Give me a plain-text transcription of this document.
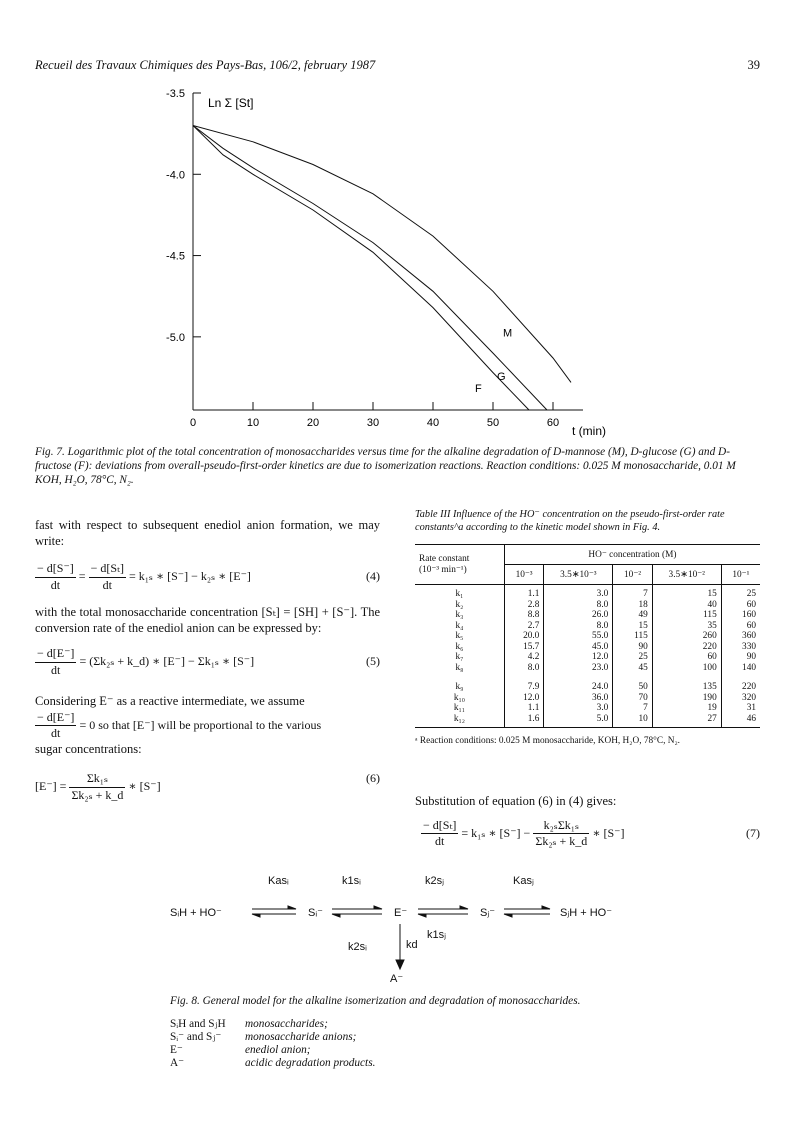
Recueil des Travaux Chimiques des Pays-Bas, 106/2, february 1987	39
-3.5
-4.0
-4.5
-5.0
0	10	20	30	40	50	60
F
G
M
Ln Σ [St]
t (min)
Fig. 7. Logarithmic plot of the total concentration of monosaccharides versus time for the alkaline degradation of D-mannose (M), D-glucose (G) and D-fructose (F): deviations from overall-pseudo-first-order kinetics are due to isomerization reactions. Reaction conditions: 0.025 M monosaccharide, 0.01 M KOH, H₂O, 78°C, N₂.
fast with respect to subsequent enediol anion formation, we may write:
$\frac{- d[S^-]}{dt} = \frac{\text{− d[Sₜ]}}{dt} = k_{1s}$ ∗ [S⁻] − k₂ₛ ∗ [E⁻]	(4)
with the total monosaccharide concentration [Sₜ] = [SH] + [S⁻]. The conversion rate of the enediol anion can be expressed by:
$\frac{- d[E^-]}{dt} = (\Sigma k_{2s}$ + k_d) ∗ [E⁻] − Σk₁ₛ ∗ [S⁻]	(5)
Considering E⁻ as a reactive intermediate, we assume
$\frac{- d[E^-]}{dt} = 0$ so that [E⁻] will be proportional to the various
sugar concentrations:
$[E^-] = \frac{\text{Σk₁ₛ}}{\text{Σk₂ₛ + k\_d}}$ ∗ [S⁻]
(6)
Table III Influence of the HO⁻ concentration on the pseudo-first-order rate constants^a according to the kinetic model shown in Fig. 4.
Rate constant
(10⁻³ min⁻¹)	HO⁻ concentration (M)				
	10⁻³	3.5∗10⁻³	10⁻²	3.5∗10⁻²	10⁻¹
k₁	1.1	3.0	7	15	25
k₂	2.8	8.0	18	40	60
k₃	8.8	26.0	49	115	160
k₄	2.7	8.0	15	35	60
k₅	20.0	55.0	115	260	360
k₆	15.7	45.0	90	220	330
k₇	4.2	12.0	25	60	90
k₈	8.0	23.0	45	100	140
k₉	7.9	24.0	50	135	220
k₁₀	12.0	36.0	70	190	320
k₁₁	1.1	3.0	7	19	31
k₁₂	1.6	5.0	10	27	46
ᵃ Reaction conditions: 0.025 M monosaccharide, KOH, H₂O, 78°C, N₂.
Substitution of equation (6) in (4) gives:
$\frac{\text{− d[Sₜ]}}{dt} = k_{1s}$ ∗ $[S^-] - \frac{\text{k₂ₛΣk₁ₛ}}{\text{Σk₂ₛ + k\_d}}$ ∗ [S⁻]	(7)
SᵢH + HO⁻
Kasᵢ
Sᵢ⁻
k1sᵢ
k2sᵢ
E⁻
k2sⱼ
k1sⱼ
Sⱼ⁻
Kasⱼ
SⱼH + HO⁻
kd
A⁻
Fig. 8. General model for the alkaline isomerization and degradation of monosaccharides.
SᵢH and SⱼH	monosaccharides;
Sᵢ⁻ and Sⱼ⁻	monosaccharide anions;
E⁻	enediol anion;
A⁻	acidic degradation products.
